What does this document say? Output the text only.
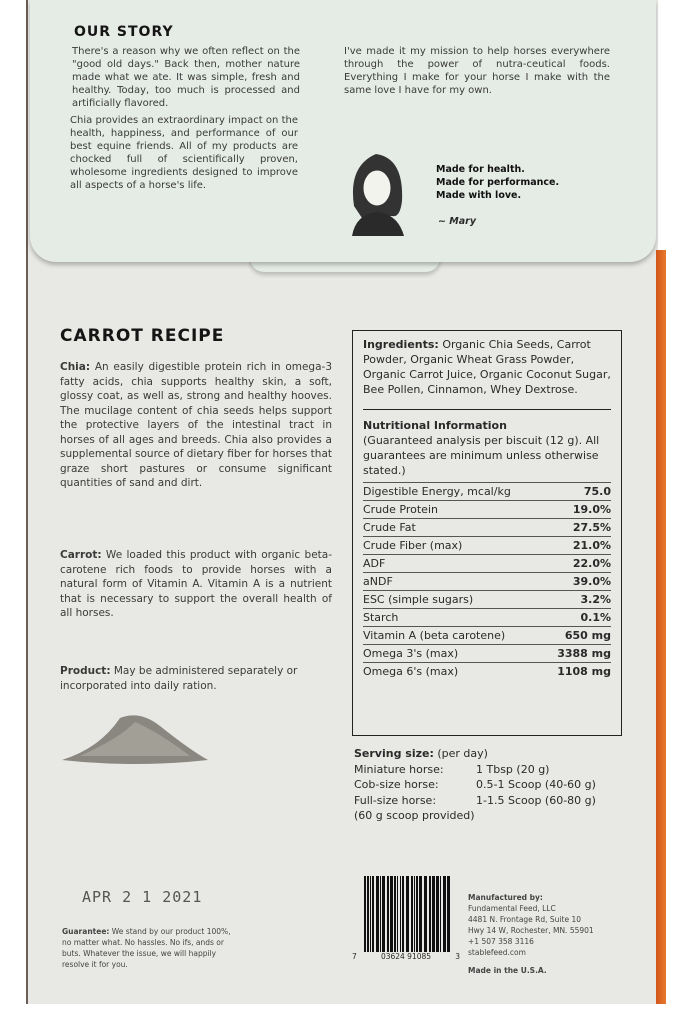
OUR STORY
There's a reason why we often reflect on the "good old days." Back then, mother nature made what we ate. It was simple, fresh and healthy. Today, too much is processed and artificially flavored.
Chia provides an extraordinary impact on the health, happiness, and performance of our best equine friends. All of my products are chocked full of scientifically proven, wholesome ingredients designed to improve all aspects of a horse's life.
I've made it my mission to help horses everywhere through the power of nutra-ceutical foods. Everything I make for your horse I make with the same love I have for my own.
Made for health.
Made for performance.
Made with love.
~ Mary
CARROT RECIPE
Chia: An easily digestible protein rich in omega-3 fatty acids, chia supports healthy skin, a soft, glossy coat, as well as, strong and healthy hooves. The mucilage content of chia seeds helps support the protective layers of the intestinal tract in horses of all ages and breeds. Chia also provides a supplemental source of dietary fiber for horses that graze short pastures or consume significant quantities of sand and dirt.
Carrot: We loaded this product with organic beta-carotene rich foods to provide horses with a natural form of Vitamin A. Vitamin A is a nutrient that is necessary to support the overall health of all horses.
Product: May be administered separately or incorporated into daily ration.
Ingredients: Organic Chia Seeds, Carrot Powder, Organic Wheat Grass Powder, Organic Carrot Juice, Organic Coconut Sugar, Bee Pollen, Cinnamon, Whey Dextrose.
Nutritional Information
(Guaranteed analysis per biscuit (12 g). All guarantees are minimum unless otherwise stated.)
Digestible Energy, mcal/kg	75.0
Crude Protein	19.0%
Crude Fat	27.5%
Crude Fiber (max)	21.0%
ADF	22.0%
aNDF	39.0%
ESC (simple sugars)	3.2%
Starch	0.1%
Vitamin A (beta carotene)	650 mg
Omega 3's (max)	3388 mg
Omega 6's (max)	1108 mg
Serving size: (per day)
Miniature horse:	1 Tbsp (20 g)
Cob-size horse:	0.5-1 Scoop (40-60 g)
Full-size horse:	1-1.5 Scoop (60-80 g)
(60 g scoop provided)
APR 2 1 2021
Guarantee: We stand by our product 100%, no matter what. No hassles. No ifs, ands or buts. Whatever the issue, we will happily resolve it for you.
7	03624 91085	3
Manufactured by:
Fundamental Feed, LLC
4481 N. Frontage Rd, Suite 10
Hwy 14 W, Rochester, MN. 55901
+1 507 358 3116
stablefeed.com
Made in the U.S.A.
